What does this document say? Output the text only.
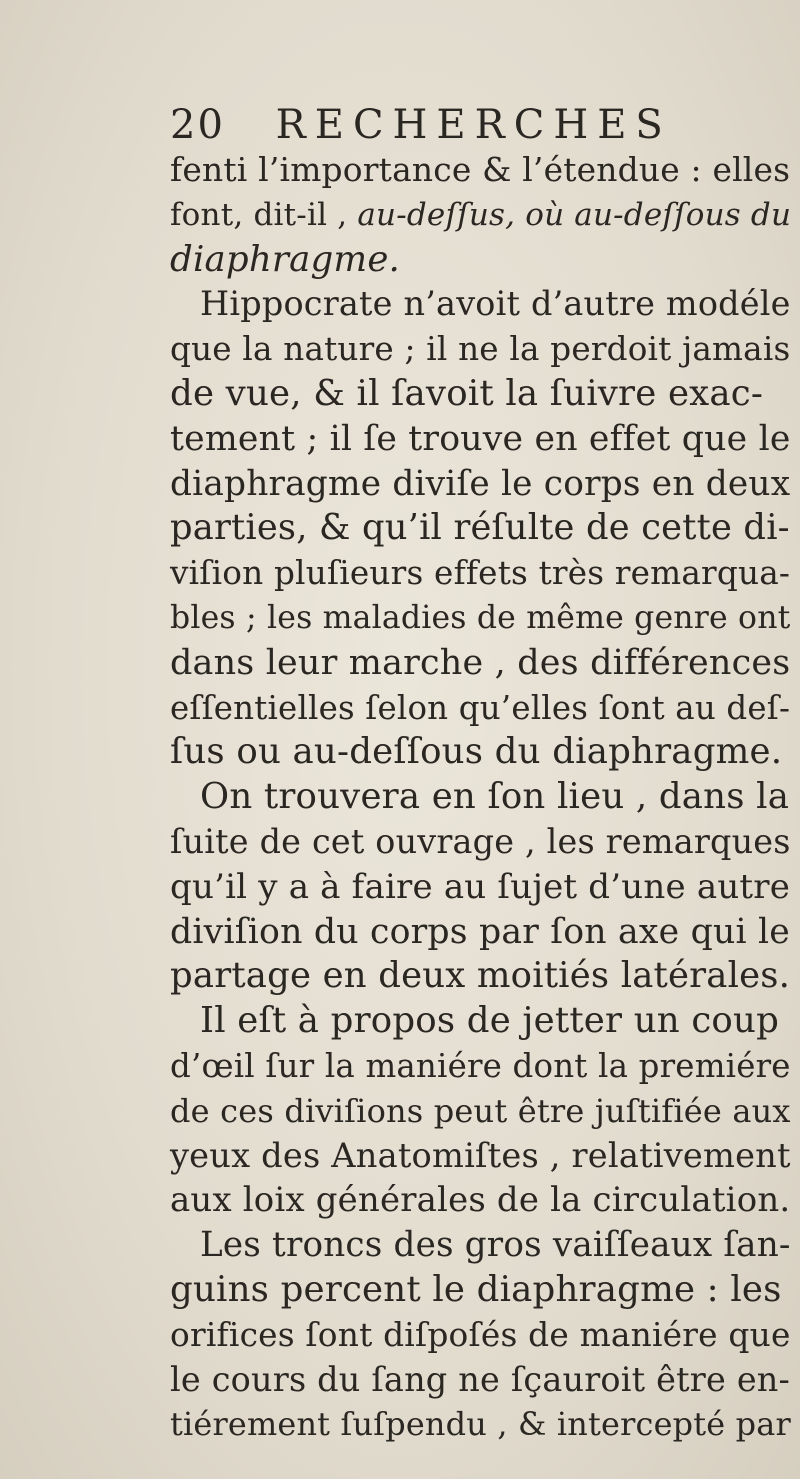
20 RECHERCHES
fenti l’importance & l’étendue : elles
font, dit-il , au-deſſus, où au-deſſous du
diaphragme.
Hippocrate n’avoit d’autre modéle
que la nature ; il ne la perdoit jamais
de vue, & il ſavoit la ſuivre exac-
tement ; il ſe trouve en effet que le
diaphragme diviſe le corps en deux
parties, & qu’il réſulte de cette di-
viſion pluſieurs effets très remarqua-
bles ; les maladies de même genre ont
dans leur marche , des différences
eſſentielles ſelon qu’elles ſont au deſ-
ſus ou au-deſſous du diaphragme.
On trouvera en ſon lieu , dans la
ſuite de cet ouvrage , les remarques
qu’il y a à faire au ſujet d’une autre
diviſion du corps par ſon axe qui le
partage en deux moitiés latérales.
Il eſt à propos de jetter un coup
d’œil ſur la maniére dont la premiére
de ces diviſions peut être juſtifiée aux
yeux des Anatomiſtes , relativement
aux loix générales de la circulation.
Les troncs des gros vaiſſeaux ſan-
guins percent le diaphragme : les
orifices ſont diſpoſés de maniére que
le cours du ſang ne ſçauroit être en-
tiérement ſuſpendu , & intercepté par
